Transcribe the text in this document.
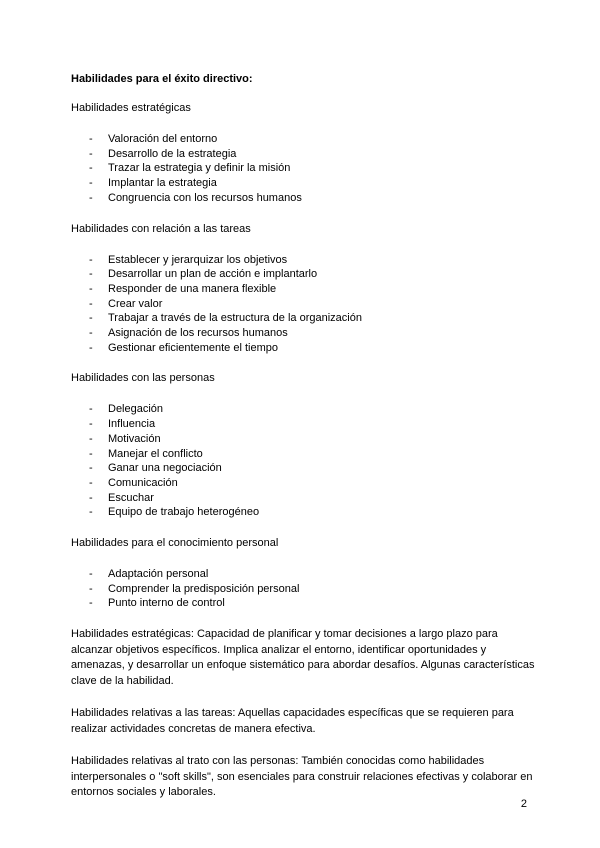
Habilidades para el éxito directivo:
Habilidades estratégicas
- Valoración del entorno
- Desarrollo de la estrategia
- Trazar la estrategia y definir la misión
- Implantar la estrategia
- Congruencia con los recursos humanos
Habilidades con relación a las tareas
- Establecer y jerarquizar los objetivos
- Desarrollar un plan de acción e implantarlo
- Responder de una manera flexible
- Crear valor
- Trabajar a través de la estructura de la organización
- Asignación de los recursos humanos
- Gestionar eficientemente el tiempo
Habilidades con las personas
- Delegación
- Influencia
- Motivación
- Manejar el conflicto
- Ganar una negociación
- Comunicación
- Escuchar
- Equipo de trabajo heterogéneo
Habilidades para el conocimiento personal
- Adaptación personal
- Comprender la predisposición personal
- Punto interno de control

Habilidades estratégicas: Capacidad de planificar y tomar decisiones a largo plazo para alcanzar objetivos específicos. Implica analizar el entorno, identificar oportunidades y amenazas, y desarrollar un enfoque sistemático para abordar desafíos. Algunas características clave de la habilidad.

Habilidades relativas a las tareas: Aquellas capacidades específicas que se requieren para realizar actividades concretas de manera efectiva.

Habilidades relativas al trato con las personas: También conocidas como habilidades interpersonales o "soft skills", son esenciales para construir relaciones efectivas y colaborar en entornos sociales y laborales.

2
